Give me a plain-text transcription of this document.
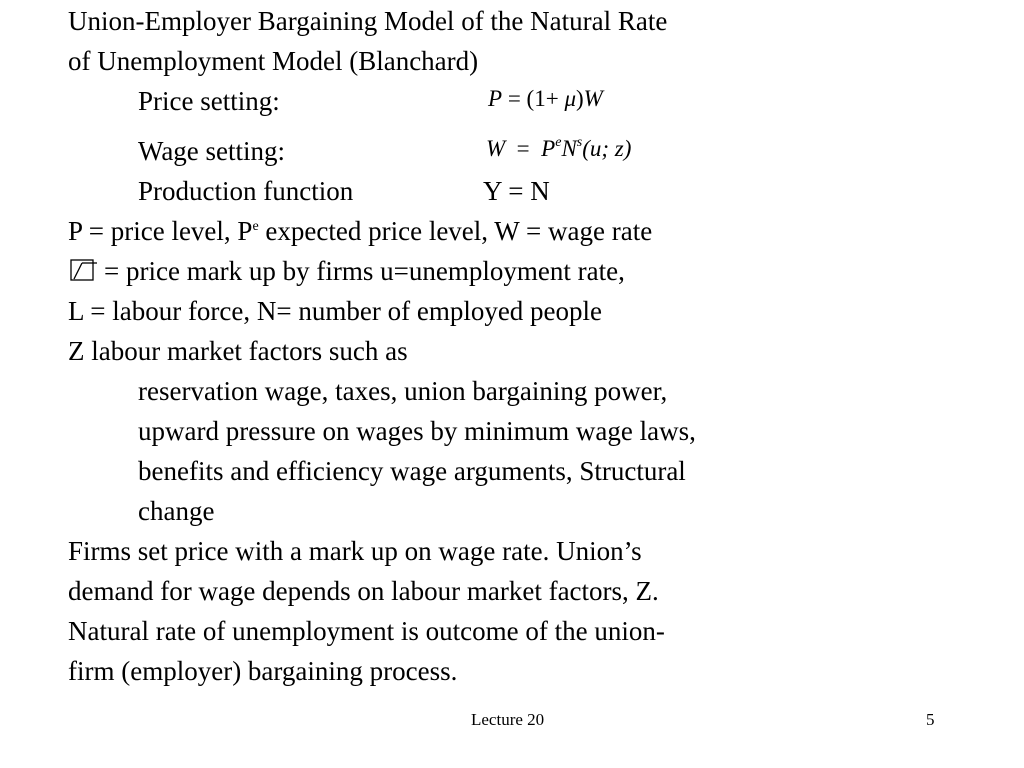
Union-Employer Bargaining Model of the Natural Rate
of Unemployment Model (Blanchard)
Price setting:	P = (1+ μ)W
Wage setting:	$W = P^eN^s(u$; z)
Production function	Y = N
P = price level, $P^e$ expected price level, W = wage rate
= price mark up by firms u=unemployment rate,
L = labour force, N= number of employed people
Z labour market factors such as
reservation wage, taxes, union bargaining power,
upward pressure on wages by minimum wage laws,
benefits and efficiency wage arguments, Structural
change
Firms set price with a mark up on wage rate. Union’s
demand for wage depends on labour market factors, Z.
Natural rate of unemployment is outcome of the union-
firm (employer) bargaining process.
Lecture 20	5
